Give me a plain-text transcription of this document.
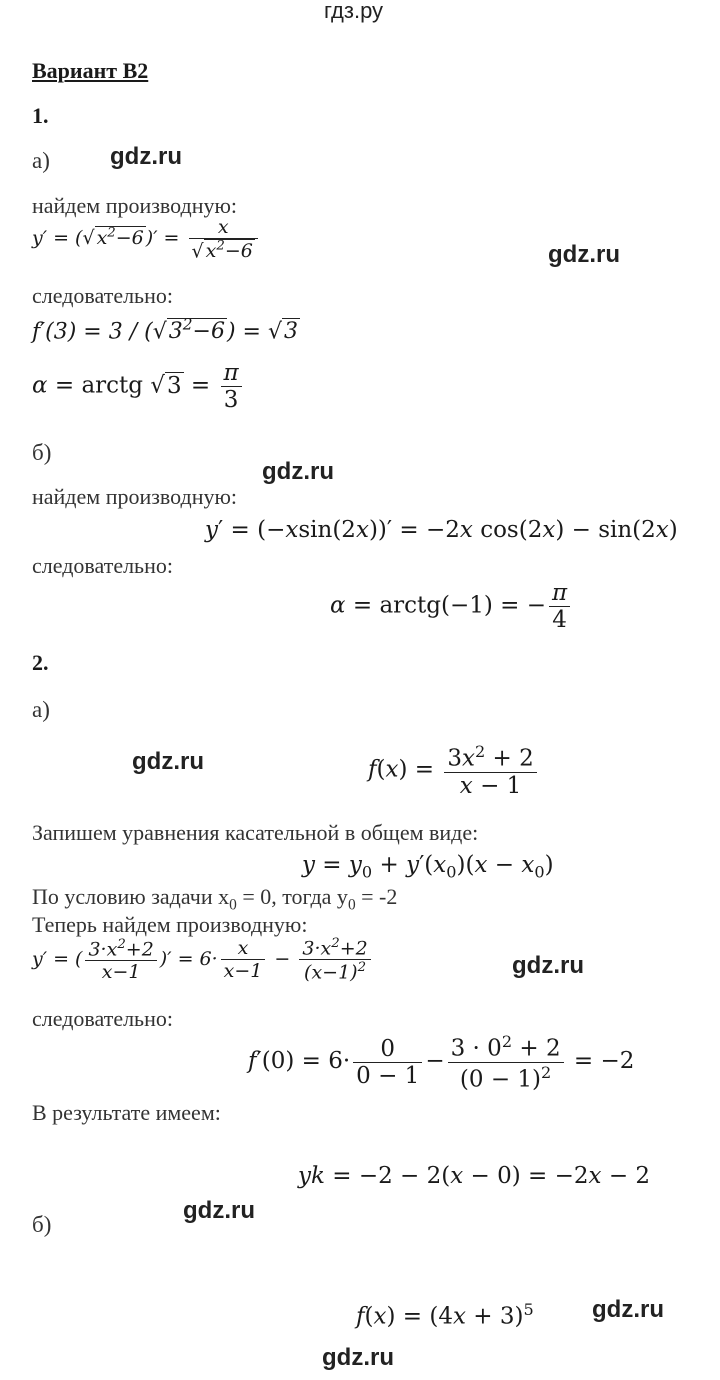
гдз.ру
Вариант В2
1.
а)	gdz.ru
найдем производную:
y′ = (√ $x^2-6$ )′ = $\frac{x}{√ x^2-6}$	gdz.ru
следовательно:
$f'(3) = 3 / (√3^2-6) = √3$
α = arctg $√3 = \frac{\pi}{3}$
б)
gdz.ru
найдем производную:
y′ = (−xsin(2x))′ = −2x cos(2x) − sin(2x)
следовательно:
α = arctg(−1) = − $\frac{\pi}{4}$
2.
а)
gdz.ru	$f(x) = \frac{3x^2 + 2}{x - 1}$
Запишем уравнения касательной в общем виде:
$y = y_0 + y'(x_0)(x - x_0)$
По условию задачи $x_0 = 0$, тогда $y_0 = -2$
Теперь найдем производную:
y′ = ( $\frac{3\cdot x^2+2}{x-1}$ )′ = $6\cdot \frac{x}{x-1} - \frac{3\cdot x^2+2}{(x-1)^2}$	gdz.ru
следовательно:
$f'(0) = 6\cdot \frac{0}{0 - 1} - \frac{3 \cdot 0^2 + 2}{(0 - 1)^2} = -2$
В результате имеем:
yk = −2 − 2(x − 0) = −2x − 2
б)
gdz.ru
$f(x) = (4x + 3)^5$ gdz.ru
gdz.ru
